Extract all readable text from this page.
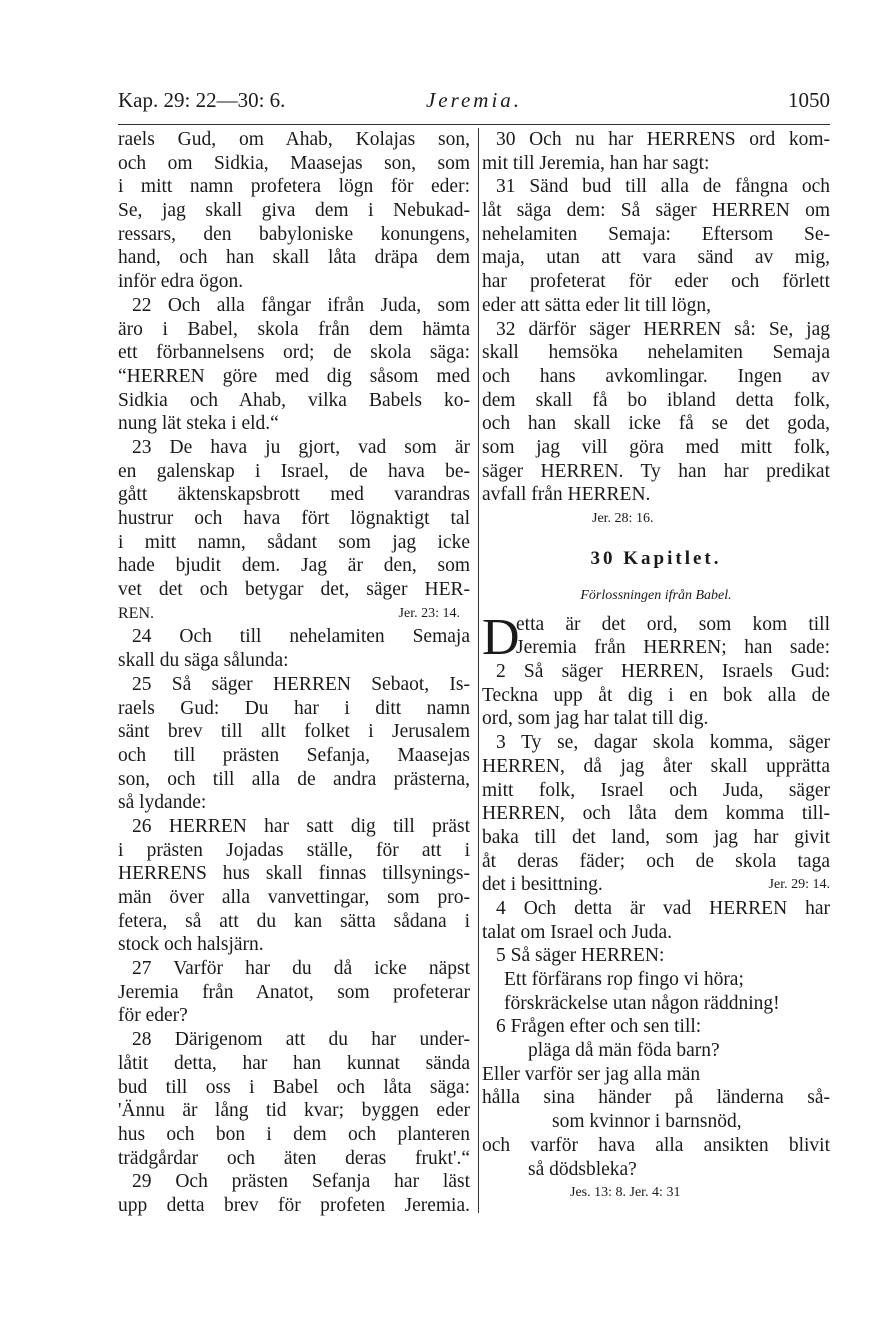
Kap. 29: 22—30: 6.	Jeremia.	1050
raels Gud, om Ahab, Kolajas son,
och om Sidkia, Maasejas son, som
i mitt namn profetera lögn för eder:
Se, jag skall giva dem i Nebukad-
ressars, den babyloniske konungens,
hand, och han skall låta dräpa dem
inför edra ögon.
22 Och alla fångar ifrån Juda, som
äro i Babel, skola från dem hämta
ett förbannelsens ord; de skola säga:
“HERREN göre med dig såsom med
Sidkia och Ahab, vilka Babels ko-
nung lät steka i eld.“
23 De hava ju gjort, vad som är
en galenskap i Israel, de hava be-
gått äktenskapsbrott med varandras
hustrur och hava fört lögnaktigt tal
i mitt namn, sådant som jag icke
hade bjudit dem. Jag är den, som
vet det och betygar det, säger HER-
REN.	Jer. 23: 14.
24 Och till nehelamiten Semaja
skall du säga sålunda:
25 Så säger HERREN Sebaot, Is-
raels Gud: Du har i ditt namn
sänt brev till allt folket i Jerusalem
och till prästen Sefanja, Maasejas
son, och till alla de andra prästerna,
så lydande:
26 HERREN har satt dig till präst
i prästen Jojadas ställe, för att i
HERRENS hus skall finnas tillsynings-
män över alla vanvettingar, som pro-
fetera, så att du kan sätta sådana i
stock och halsjärn.
27 Varför har du då icke näpst
Jeremia från Anatot, som profeterar
för eder?
28 Därigenom att du har under-
låtit detta, har han kunnat sända
bud till oss i Babel och låta säga:
'Ännu är lång tid kvar; byggen eder
hus och bon i dem och planteren
trädgårdar och äten deras frukt'.“
29 Och prästen Sefanja har läst
upp detta brev för profeten Jeremia.
30 Och nu har HERRENS ord kom-
mit till Jeremia, han har sagt:
31 Sänd bud till alla de fångna och
låt säga dem: Så säger HERREN om
nehelamiten Semaja: Eftersom Se-
maja, utan att vara sänd av mig,
har profeterat för eder och förlett
eder att sätta eder lit till lögn,
32 därför säger HERREN så: Se, jag
skall hemsöka nehelamiten Semaja
och hans avkomlingar. Ingen av
dem skall få bo ibland detta folk,
och han skall icke få se det goda,
som jag vill göra med mitt folk,
säger HERREN. Ty han har predikat
avfall från HERREN.
Jer. 28: 16.
30 Kapitlet.
Förlossningen ifrån Babel.
D
etta är det ord, som kom till
Jeremia från HERREN; han sade:
2 Så säger HERREN, Israels Gud:
Teckna upp åt dig i en bok alla de
ord, som jag har talat till dig.
3 Ty se, dagar skola komma, säger
HERREN, då jag åter skall upprätta
mitt folk, Israel och Juda, säger
HERREN, och låta dem komma till-
baka till det land, som jag har givit
åt deras fäder; och de skola taga
det i besittning.	Jer. 29: 14.
4 Och detta är vad HERREN har
talat om Israel och Juda.
5 Så säger HERREN:
Ett förfärans rop fingo vi höra;
förskräckelse utan någon räddning!
6 Frågen efter och sen till:
pläga då män föda barn?
Eller varför ser jag alla män
hålla sina händer på länderna så-
som kvinnor i barnsnöd,
och varför hava alla ansikten blivit
så dödsbleka?
Jes. 13: 8. Jer. 4: 31
